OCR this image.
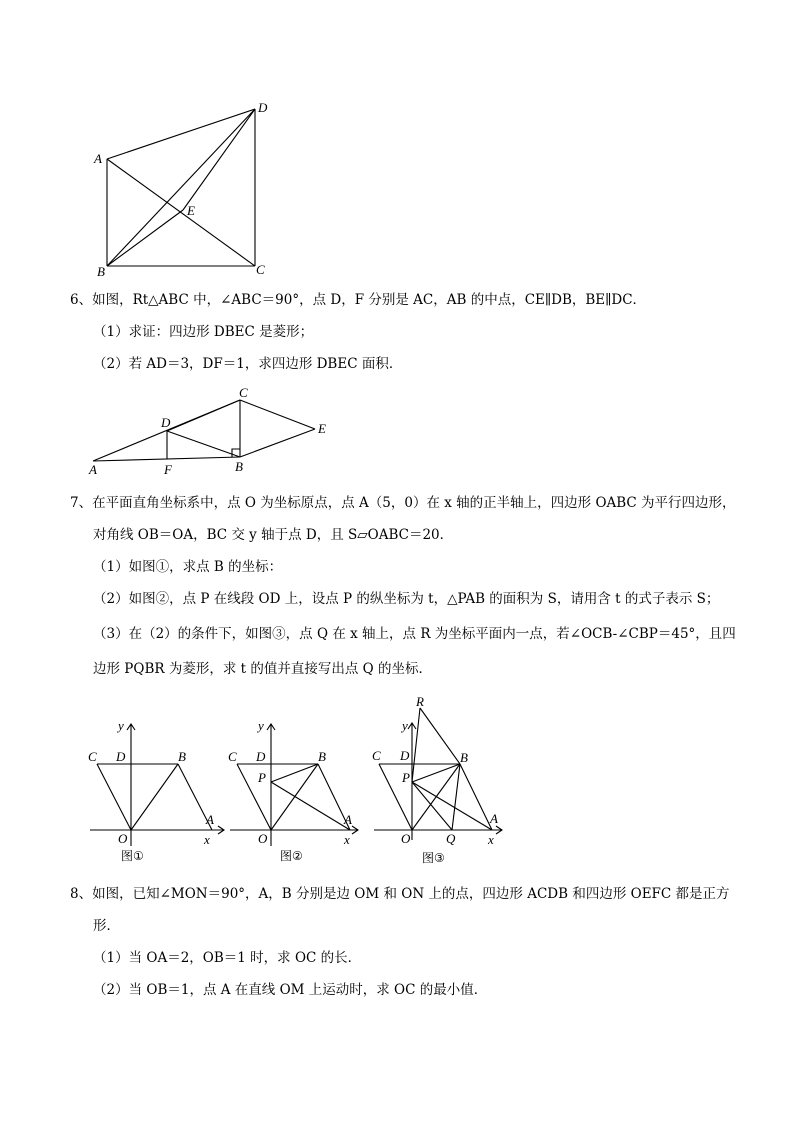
A
D
E
B	C
6、如图，Rt△ABC 中，∠ABC＝90°，点 D，F 分别是 AC，AB 的中点，CE∥DB，BE∥DC．
（1）求证：四边形 DBEC 是菱形；
（2）若 AD＝3，DF＝1，求四边形 DBEC 面积．
C
D	E
A	F	B
7、在平面直角坐标系中，点 O 为坐标原点，点 A（5，0）在 x 轴的正半轴上，四边形 OABC 为平行四边形，
对角线 OB＝OA，BC 交 y 轴于点 D，且 S▱OABC＝20．
（1）如图①，求点 B 的坐标：
（2）如图②，点 P 在线段 OD 上，设点 P 的纵坐标为 t，△PAB 的面积为 S，请用含 t 的式子表示 S；
（3）在（2）的条件下，如图③，点 Q 在 x 轴上，点 R 为坐标平面内一点，若∠OCB-∠CBP＝45°，且四
边形 PQBR 为菱形，求 t 的值并直接写出点 Q 的坐标．
y
C D	B
O
A
x
图①
y
C D	B
P
O
A
x
图②
R
y
C D	B
P
O	Q
A
x
图③
8、如图，已知∠MON＝90°，A，B 分别是边 OM 和 ON 上的点，四边形 ACDB 和四边形 OEFC 都是正方
形．
（1）当 OA＝2，OB＝1 时，求 OC 的长．
（2）当 OB＝1，点 A 在直线 OM 上运动时，求 OC 的最小值．
